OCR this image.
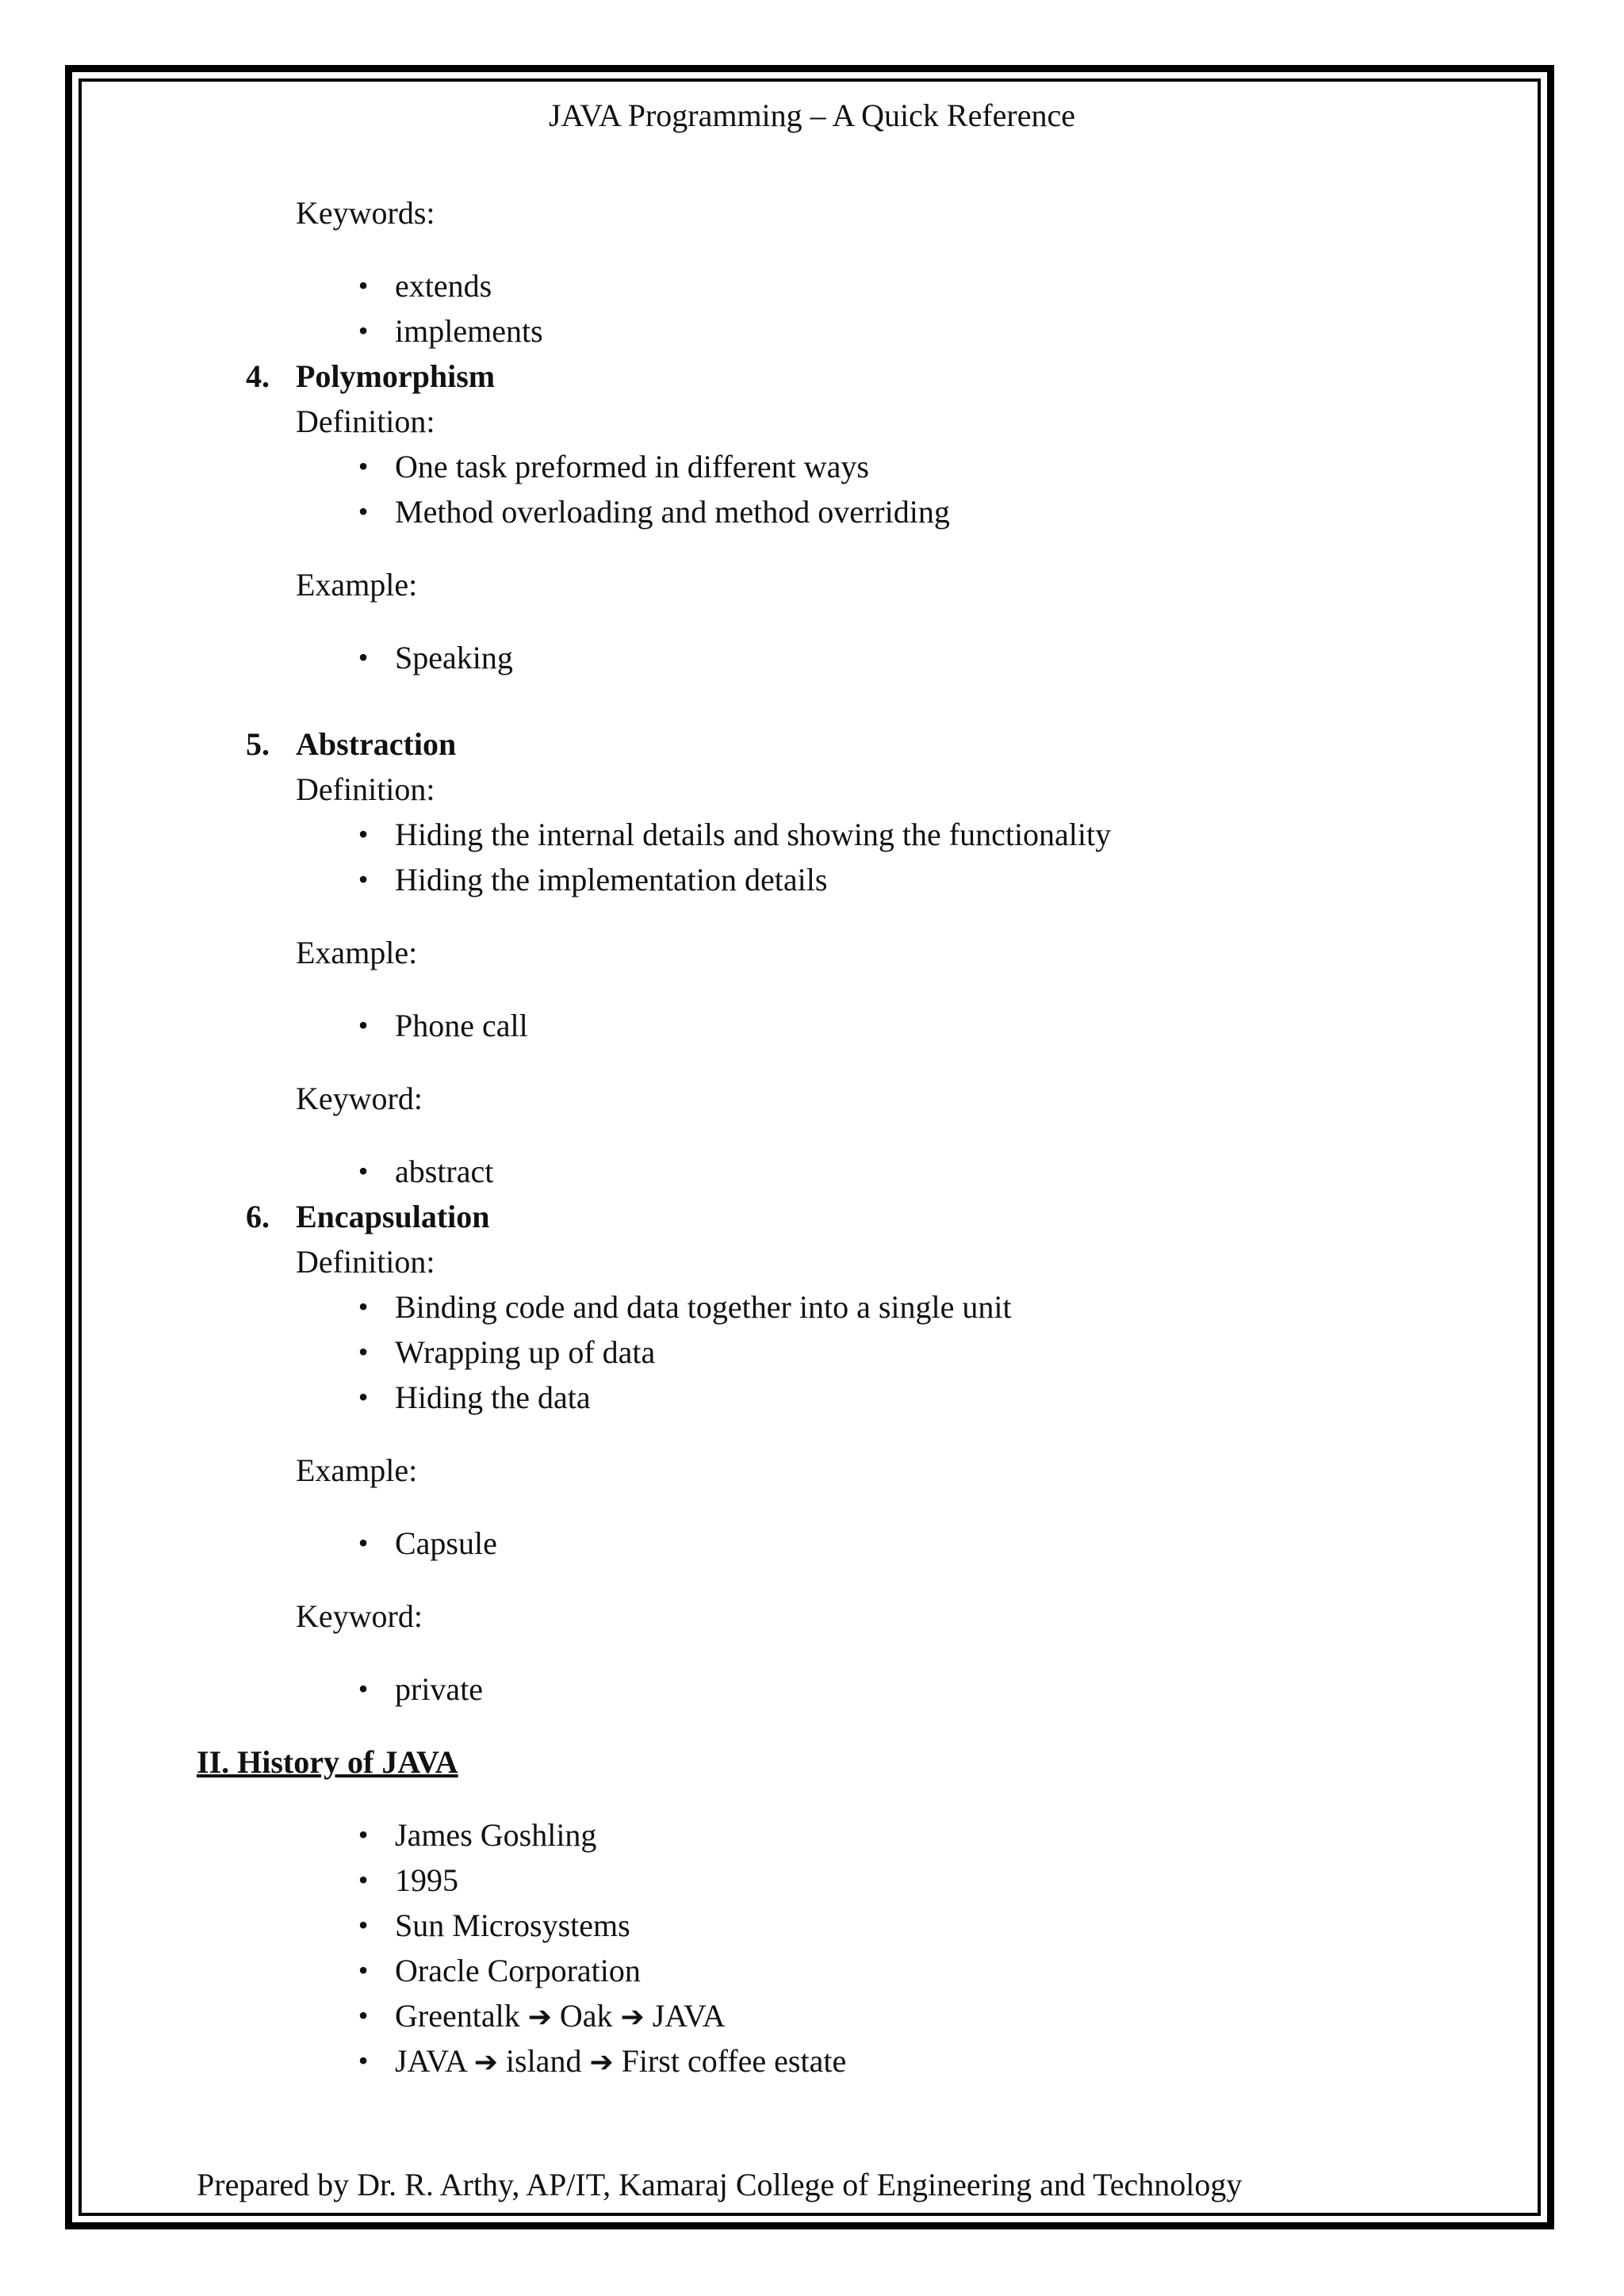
JAVA Programming – A Quick Reference
Keywords:
• extends
• implements
4. Polymorphism
Definition:
• One task preformed in different ways
• Method overloading and method overriding
Example:
• Speaking
5. Abstraction
Definition:
• Hiding the internal details and showing the functionality
• Hiding the implementation details
Example:
• Phone call
Keyword:
• abstract
6. Encapsulation
Definition:
• Binding code and data together into a single unit
• Wrapping up of data
• Hiding the data
Example:
• Capsule
Keyword:
• private
II. History of JAVA
• James Goshling
• 1995
• Sun Microsystems
• Oracle Corporation
• Greentalk ➔ Oak ➔ JAVA
• JAVA ➔ island ➔ First coffee estate
Prepared by Dr. R. Arthy, AP/IT, Kamaraj College of Engineering and Technology
